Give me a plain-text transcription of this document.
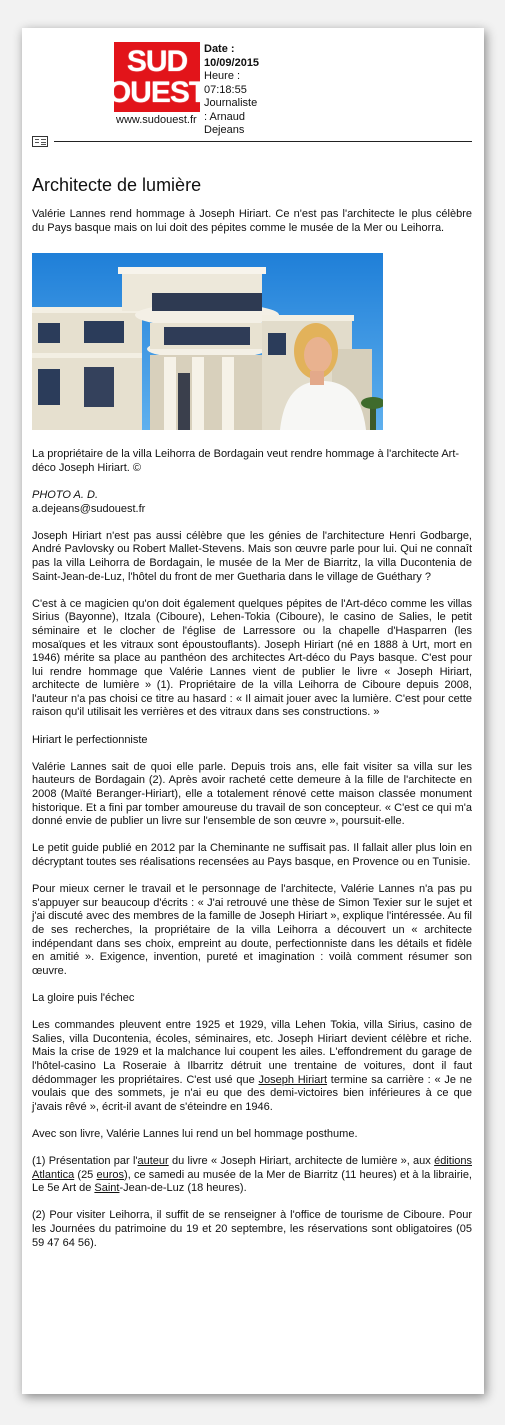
SUD
OUEST
www.sudouest.fr
Date : 10/09/2015
Heure : 07:18:55
Journaliste : Arnaud Dejeans
Architecte de lumière

Valérie Lannes rend hommage à Joseph Hiriart. Ce n'est pas l'architecte le plus célèbre du Pays basque mais on lui doit des pépites comme le musée de la Mer ou Leihorra.

La propriétaire de la villa Leihorra de Bordagain veut rendre hommage à l'architecte Art-déco Joseph Hiriart. ©

PHOTO A. D.
a.dejeans@sudouest.fr

Joseph Hiriart n'est pas aussi célèbre que les génies de l'architecture Henri Godbarge, André Pavlovsky ou Robert Mallet-Stevens. Mais son œuvre parle pour lui. Qui ne connaît pas la villa Leihorra de Bordagain, le musée de la Mer de Biarritz, la villa Ducontenia de Saint-Jean-de-Luz, l'hôtel du front de mer Guetharia dans le village de Guéthary ?

C'est à ce magicien qu'on doit également quelques pépites de l'Art-déco comme les villas Sirius (Bayonne), Itzala (Ciboure), Lehen-Tokia (Ciboure), le casino de Salies, le petit séminaire et le clocher de l'église de Larressore ou la chapelle d'Hasparren (les mosaïques et les vitraux sont époustouflants). Joseph Hiriart (né en 1888 à Urt, mort en 1946) mérite sa place au panthéon des architectes Art-déco du Pays basque. C'est pour lui rendre hommage que Valérie Lannes vient de publier le livre « Joseph Hiriart, architecte de lumière » (1). Propriétaire de la villa Leihorra de Ciboure depuis 2008, l'auteur n'a pas choisi ce titre au hasard : « Il aimait jouer avec la lumière. C'est pour cette raison qu'il utilisait les verrières et des vitraux dans ses constructions. »

Hiriart le perfectionniste

Valérie Lannes sait de quoi elle parle. Depuis trois ans, elle fait visiter sa villa sur les hauteurs de Bordagain (2). Après avoir racheté cette demeure à la fille de l'architecte en 2008 (Maïté Beranger-Hiriart), elle a totalement rénové cette maison classée monument historique. Et a fini par tomber amoureuse du travail de son concepteur. « C'est ce qui m'a donné envie de publier un livre sur l'ensemble de son œuvre », poursuit-elle.

Le petit guide publié en 2012 par la Cheminante ne suffisait pas. Il fallait aller plus loin en décryptant toutes ses réalisations recensées au Pays basque, en Provence ou en Tunisie.

Pour mieux cerner le travail et le personnage de l'architecte, Valérie Lannes n'a pas pu s'appuyer sur beaucoup d'écrits : « J'ai retrouvé une thèse de Simon Texier sur le sujet et j'ai discuté avec des membres de la famille de Joseph Hiriart », explique l'intéressée. Au fil de ses recherches, la propriétaire de la villa Leihorra a découvert un « architecte indépendant dans ses choix, empreint au doute, perfectionniste dans les détails et fidèle en amitié ». Exigence, invention, pureté et imagination : voilà comment résumer son œuvre.

La gloire puis l'échec

Les commandes pleuvent entre 1925 et 1929, villa Lehen Tokia, villa Sirius, casino de Salies, villa Ducontenia, écoles, séminaires, etc. Joseph Hiriart devient célèbre et riche. Mais la crise de 1929 et la malchance lui coupent les ailes. L'effondrement du garage de l'hôtel-casino La Roseraie à Ilbarritz détruit une trentaine de voitures, dont il faut dédommager les propriétaires. C'est usé que Joseph Hiriart termine sa carrière : « Je ne voulais que des sommets, je n'ai eu que des demi-victoires bien inférieures à ce que j'avais rêvé », écrit-il avant de s'éteindre en 1946.

Avec son livre, Valérie Lannes lui rend un bel hommage posthume.

(1) Présentation par l'auteur du livre « Joseph Hiriart, architecte de lumière », aux éditions Atlantica (25 euros), ce samedi au musée de la Mer de Biarritz (11 heures) et à la librairie, Le 5e Art de Saint-Jean-de-Luz (18 heures).

(2) Pour visiter Leihorra, il suffit de se renseigner à l'office de tourisme de Ciboure. Pour les Journées du patrimoine du 19 et 20 septembre, les réservations sont obligatoires (05 59 47 64 56).
